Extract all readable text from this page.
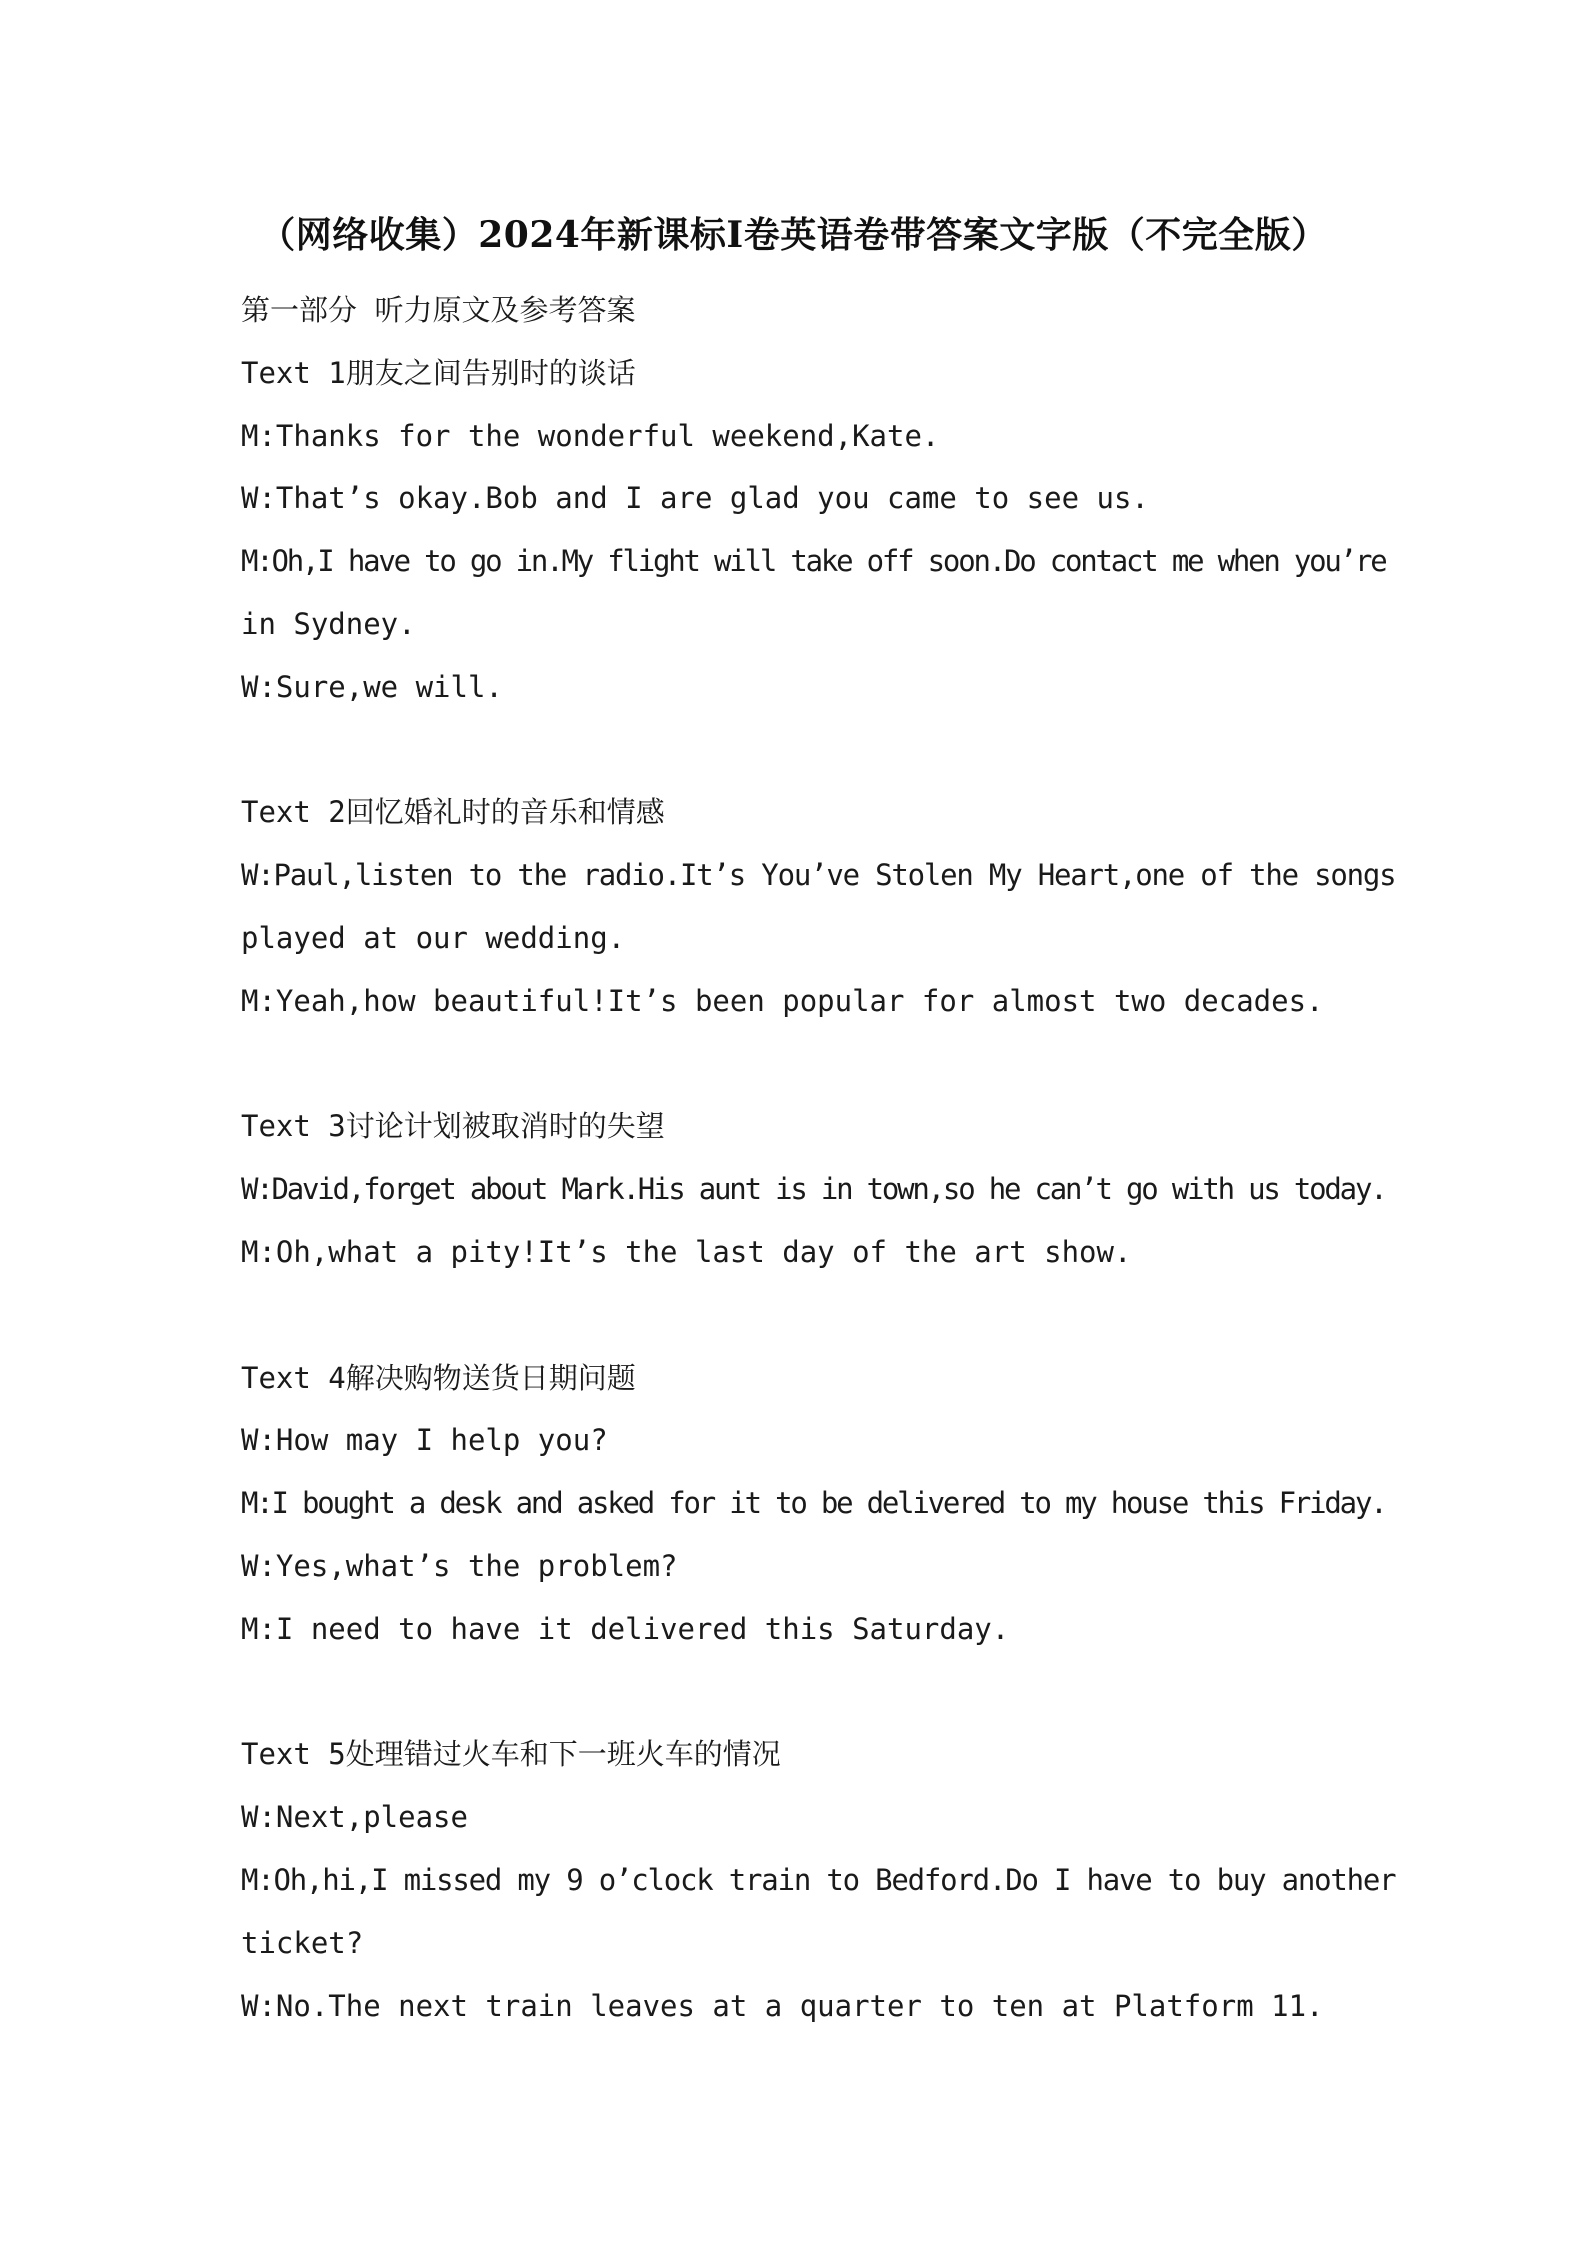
（网络收集）2024年新课标Ⅰ卷英语卷带答案文字版（不完全版）
第一部分 听力原文及参考答案
Text 1朋友之间告别时的谈话
M:Thanks for the wonderful weekend,Kate.
W:That’s okay.Bob and I are glad you came to see us.
M:Oh,I have to go in.My flight will take off soon.Do contact me when you’re
in Sydney.
W:Sure,we will.
Text 2回忆婚礼时的音乐和情感
W:Paul,listen to the radio.It’s You’ve Stolen My Heart,one of the songs
played at our wedding.
M:Yeah,how beautiful!It’s been popular for almost two decades.
Text 3讨论计划被取消时的失望
W:David,forget about Mark.His aunt is in town,so he can’t go with us today.
M:Oh,what a pity!It’s the last day of the art show.
Text 4解决购物送货日期问题
W:How may I help you?
M:I bought a desk and asked for it to be delivered to my house this Friday.
W:Yes,what’s the problem?
M:I need to have it delivered this Saturday.
Text 5处理错过火车和下一班火车的情况
W:Next,please
M:Oh,hi,I missed my 9 o’clock train to Bedford.Do I have to buy another
ticket?
W:No.The next train leaves at a quarter to ten at Platform 11.
